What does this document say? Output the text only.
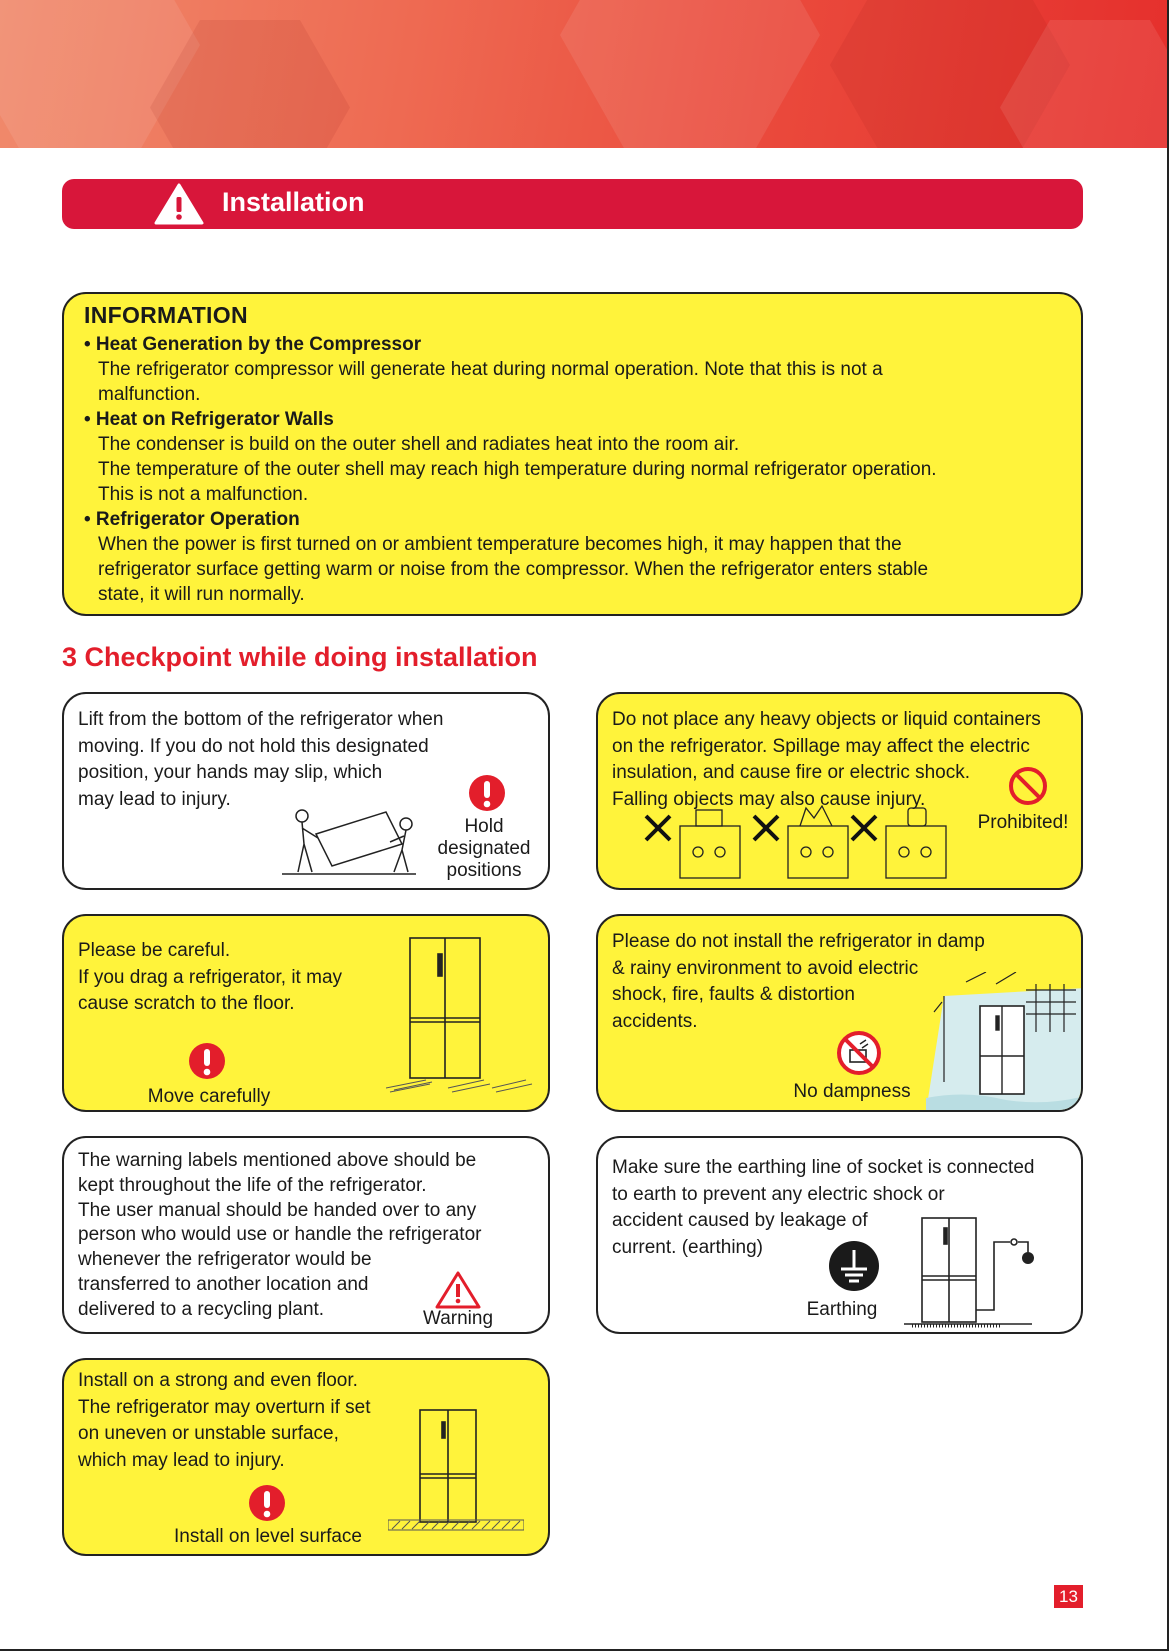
Installation
INFORMATION
• Heat Generation by the Compressor
The refrigerator compressor will generate heat during normal operation. Note that this is not a
malfunction.
• Heat on Refrigerator Walls
The condenser is build on the outer shell and radiates heat into the room air.
The temperature of the outer shell may reach high temperature during normal refrigerator operation.
This is not a malfunction.
• Refrigerator Operation
When the power is first turned on or ambient temperature becomes high, it may happen that the
refrigerator surface getting warm or noise from the compressor. When the refrigerator enters stable
state, it will run normally.
3 Checkpoint while doing installation
Lift from the bottom of the refrigerator when
moving. If you do not hold this designated
position, your hands may slip, which
may lead to injury.
Hold
designated
positions
Do not place any heavy objects or liquid containers
on the refrigerator. Spillage may affect the electric
insulation, and cause fire or electric shock.
Falling objects may also cause injury.
Prohibited!
Please be careful.
If you drag a refrigerator, it may
cause scratch to the floor.
Move carefully
Please do not install the refrigerator in damp
& rainy environment to avoid electric
shock, fire, faults & distortion
accidents.
No dampness
The warning labels mentioned above should be
kept throughout the life of the refrigerator.
The user manual should be handed over to any
person who would use or handle the refrigerator
whenever the refrigerator would be
transferred to another location and
delivered to a recycling plant.	Warning
Make sure the earthing line of socket is connected
to earth to prevent any electric shock or
accident caused by leakage of
current. (earthing)
Earthing
Install on a strong and even floor.
The refrigerator may overturn if set
on uneven or unstable surface,
which may lead to injury.
Install on level surface
13
